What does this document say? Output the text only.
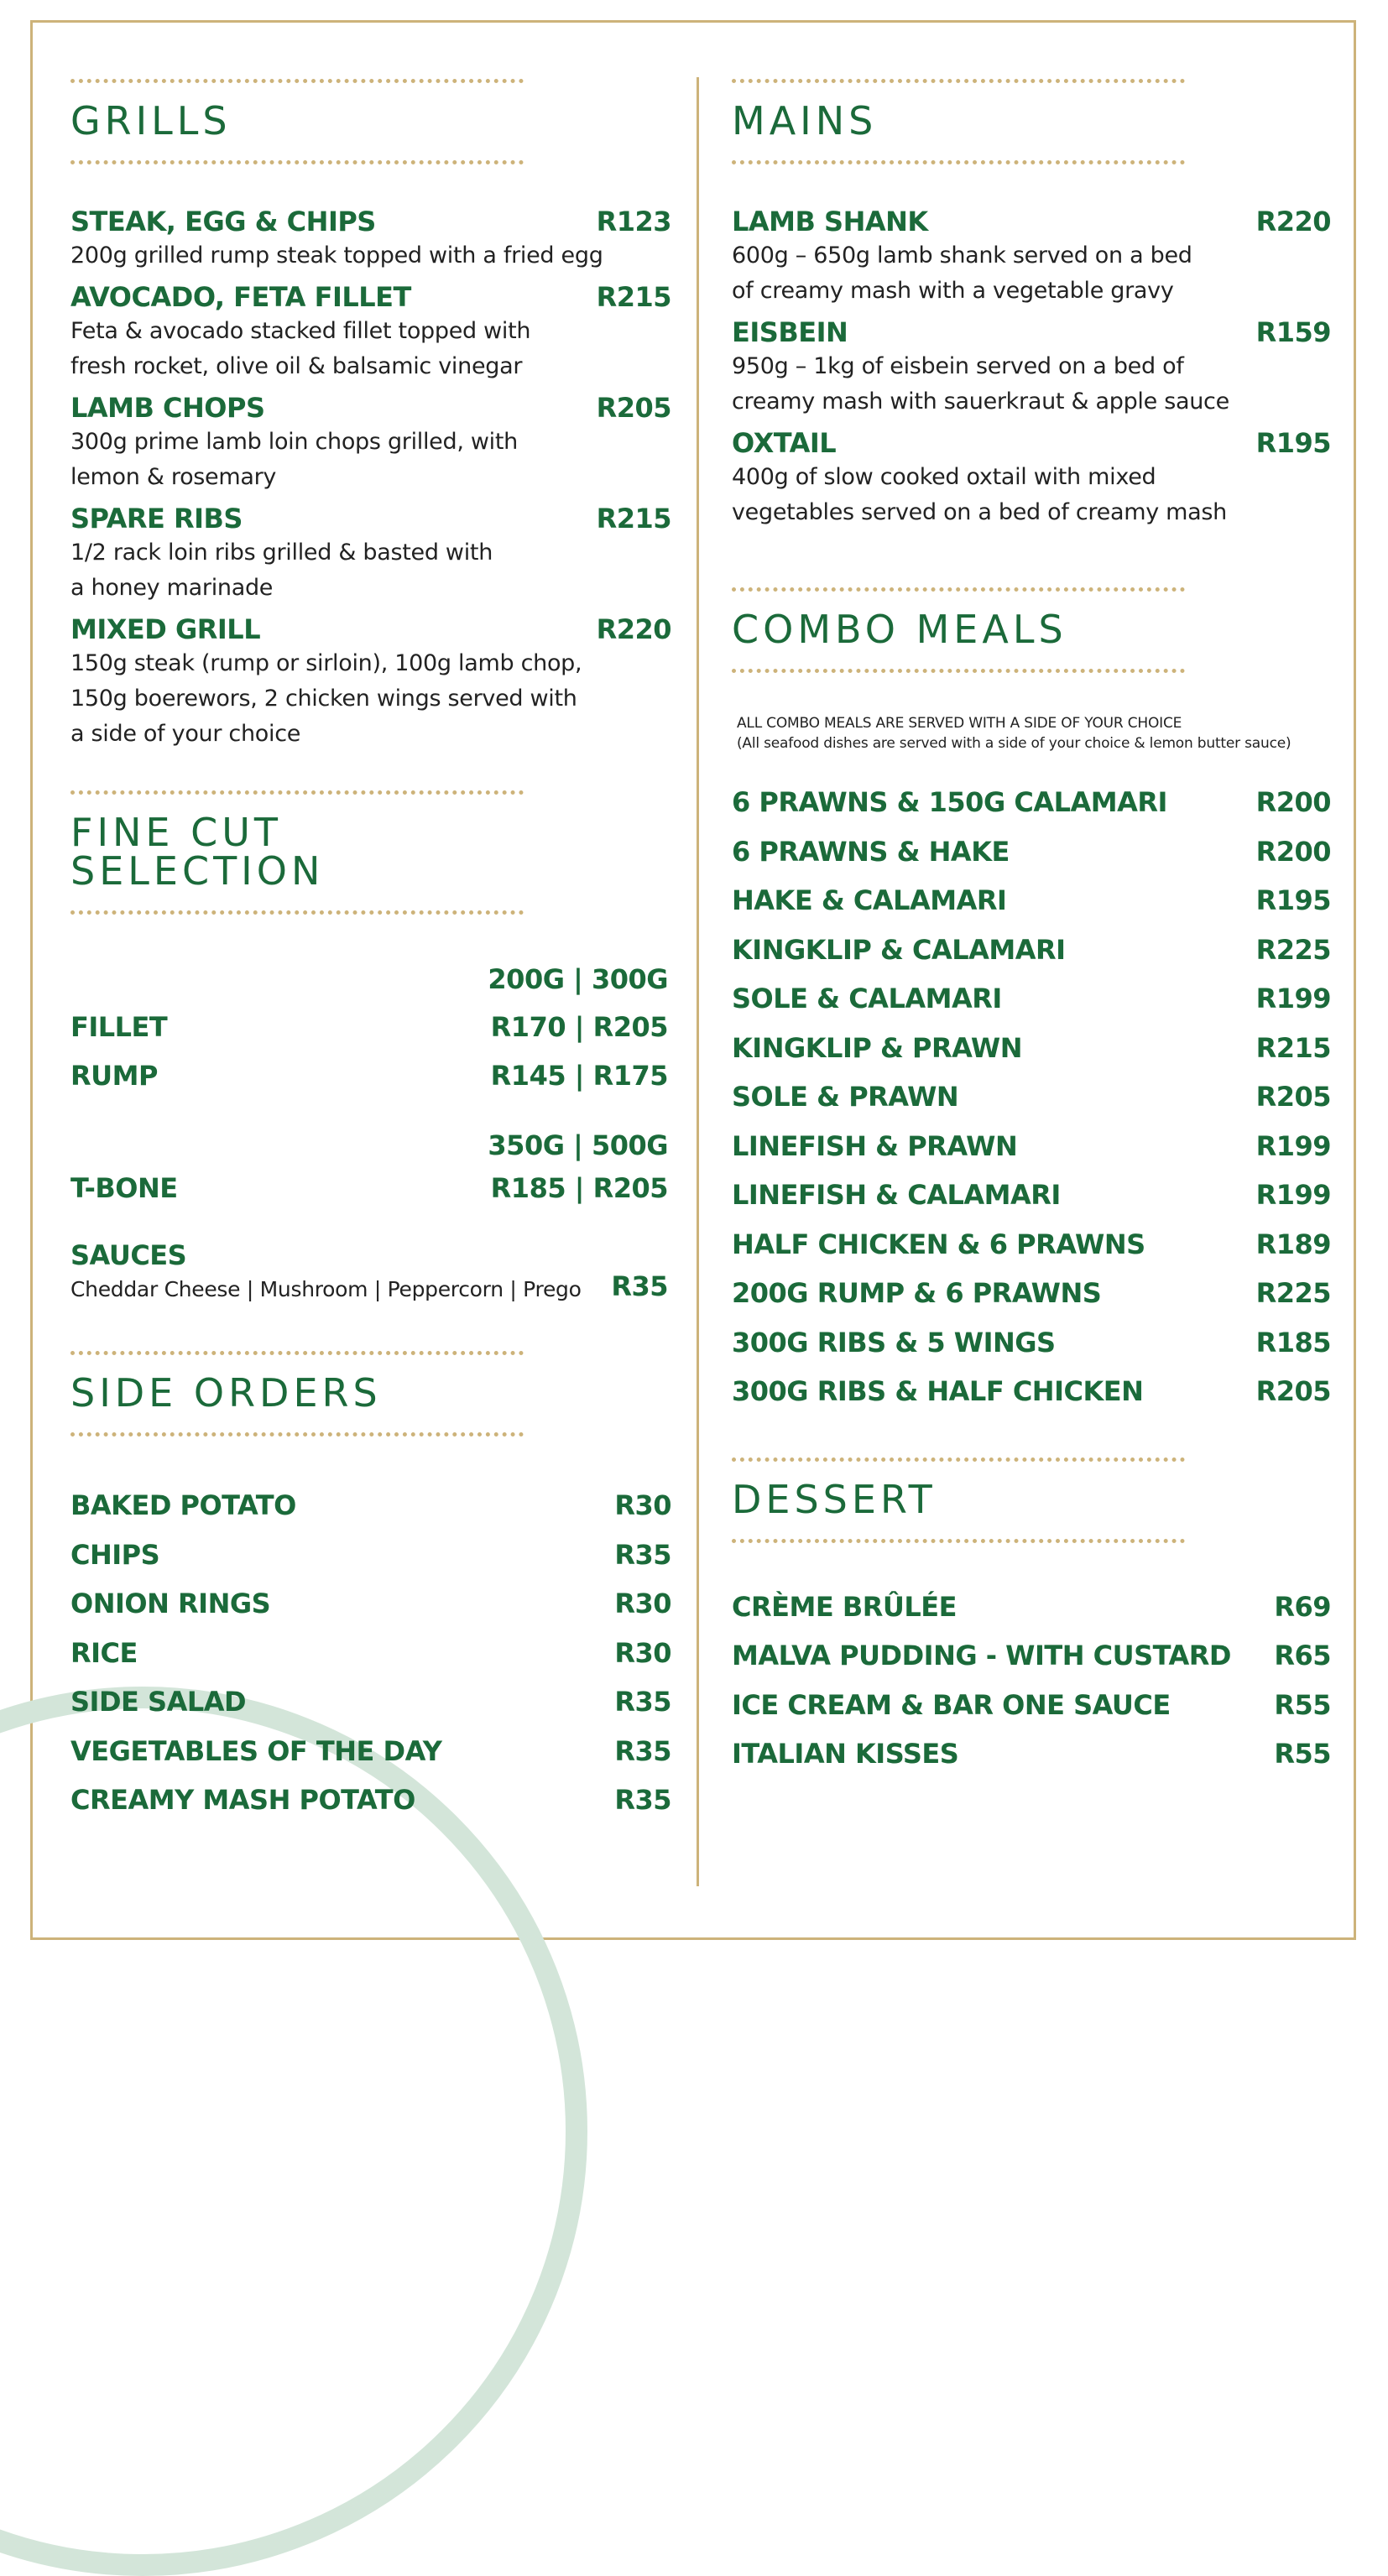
GRILLS
STEAK, EGG & CHIPS	R123
200g grilled rump steak topped with a fried egg
AVOCADO, FETA FILLET	R215
Feta & avocado stacked fillet topped with
fresh rocket, olive oil & balsamic vinegar
LAMB CHOPS	R205
300g prime lamb loin chops grilled, with
lemon & rosemary
SPARE RIBS	R215
1/2 rack loin ribs grilled & basted with
a honey marinade
MIXED GRILL	R220
150g steak (rump or sirloin), 100g lamb chop,
150g boerewors, 2 chicken wings served with
a side of your choice
FINE CUT SELECTION
200G | 300G
FILLET	R170 | R205
RUMP	R145 | R175
350G | 500G
T-BONE	R185 | R205
SAUCES
Cheddar Cheese | Mushroom | Peppercorn | Prego R35
SIDE ORDERS
BAKED POTATO	R30
CHIPS	R35
ONION RINGS	R30
RICE	R30
SIDE SALAD	R35
VEGETABLES OF THE DAY	R35
CREAMY MASH POTATO	R35
MAINS
LAMB SHANK	R220
600g – 650g lamb shank served on a bed
of creamy mash with a vegetable gravy
EISBEIN	R159
950g – 1kg of eisbein served on a bed of
creamy mash with sauerkraut & apple sauce
OXTAIL	R195
400g of slow cooked oxtail with mixed
vegetables served on a bed of creamy mash
COMBO MEALS
ALL COMBO MEALS ARE SERVED WITH A SIDE OF YOUR CHOICE
(All seafood dishes are served with a side of your choice & lemon butter sauce)
6 PRAWNS & 150G CALAMARI	R200
6 PRAWNS & HAKE	R200
HAKE & CALAMARI	R195
KINGKLIP & CALAMARI	R225
SOLE & CALAMARI	R199
KINGKLIP & PRAWN	R215
SOLE & PRAWN	R205
LINEFISH & PRAWN	R199
LINEFISH & CALAMARI	R199
HALF CHICKEN & 6 PRAWNS	R189
200G RUMP & 6 PRAWNS	R225
300G RIBS & 5 WINGS	R185
300G RIBS & HALF CHICKEN	R205
DESSERT
CRÈME BRÛLÉE	R69
MALVA PUDDING - WITH CUSTARD R65
ICE CREAM & BAR ONE SAUCE	R55
ITALIAN KISSES	R55
